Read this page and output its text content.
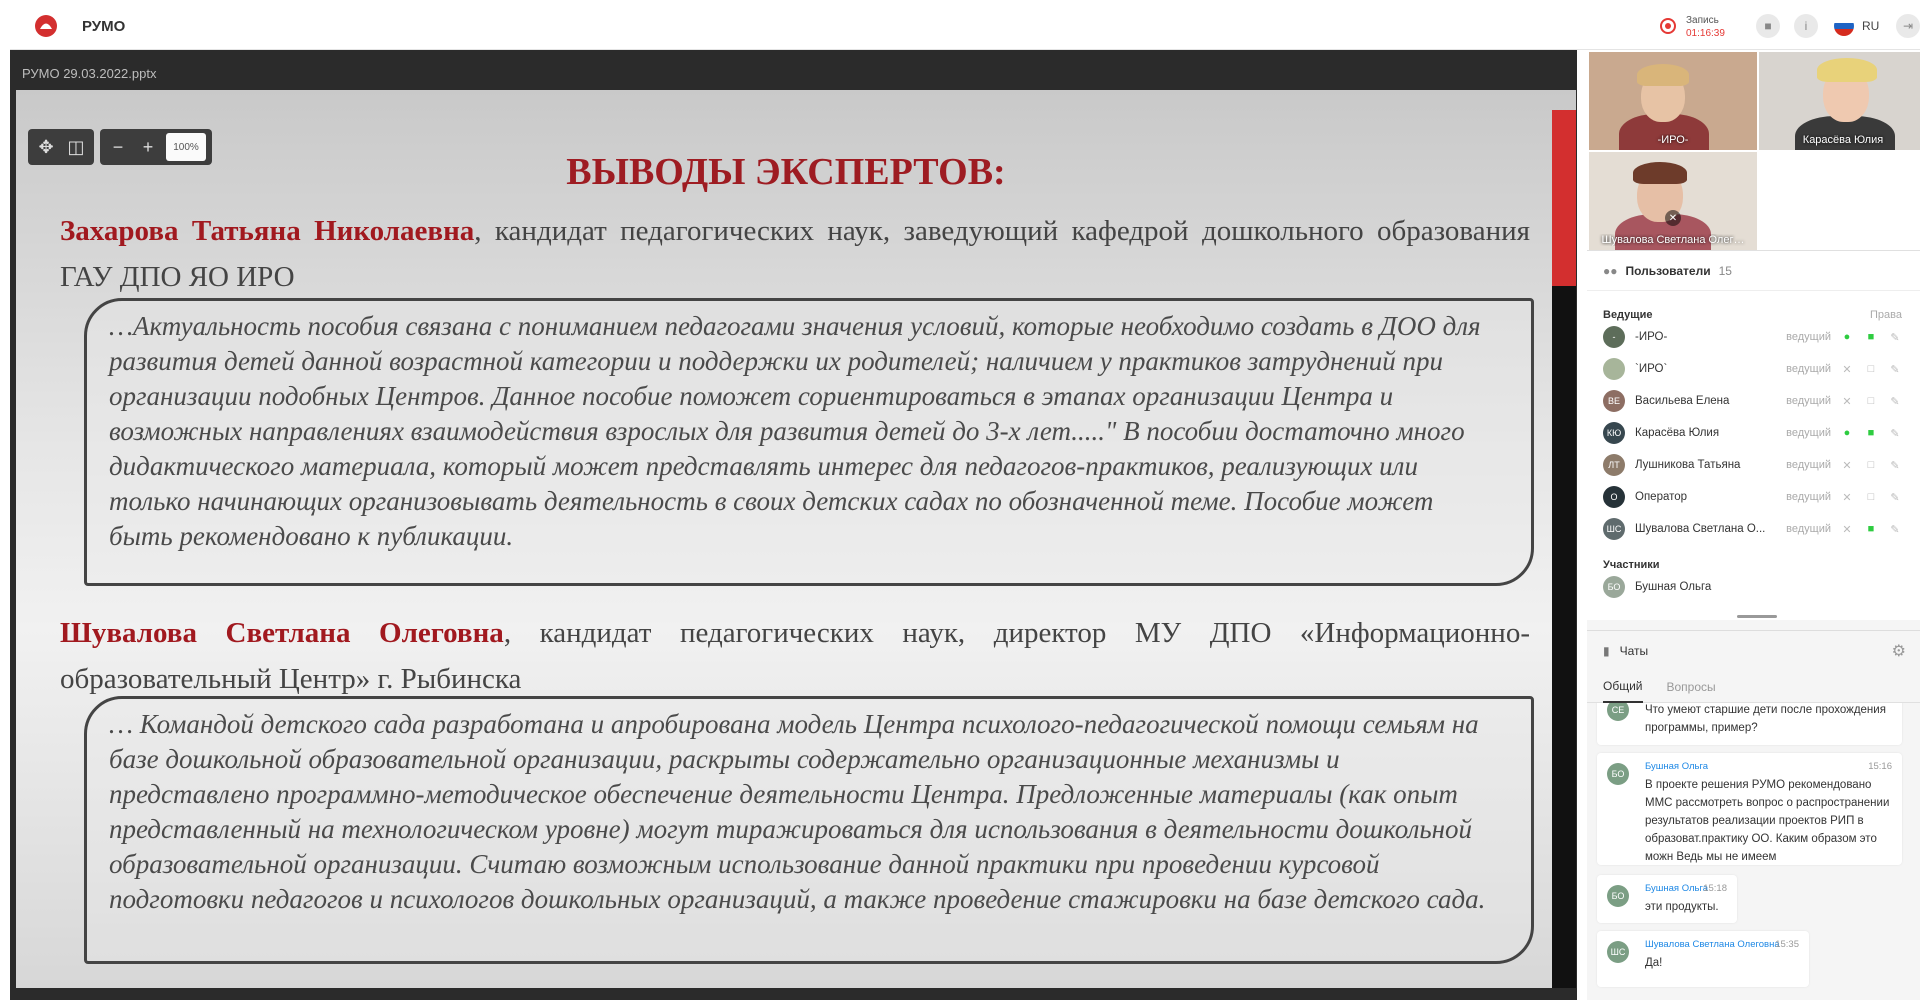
РУМО	Запись
01:16:39
■	i	RU	⇥
РУМО 29.03.2022.pptx
ВЫВОДЫ ЭКСПЕРТОВ:
Захарова Татьяна Николаевна, кандидат педагогических наук, заведующий кафедрой дошкольного образования ГАУ ДПО ЯО ИРО
…Актуальность пособия связана с пониманием педагогами значения условий, которые необходимо создать в ДОО для развития детей данной возрастной категории и поддержки их родителей; наличием у практиков затруднений при организации подобных Центров. Данное пособие поможет сориентироваться в этапах организации Центра и возможных направлениях взаимодействия взрослых для развития детей до 3-х лет....." В пособии достаточно много дидактического материала, который может представлять интерес для педагогов-практиков, реализующих или только начинающих организовывать деятельность в своих детских садах по обозначенной теме. Пособие может быть рекомендовано к публикации.
Шувалова Светлана Олеговна, кандидат педагогических наук, директор МУ ДПО «Информационно-образовательный Центр» г. Рыбинска
… Командой детского сада разработана и апробирована модель Центра психолого-педагогической помощи семьям на базе дошкольной образовательной организации, раскрыты содержательно организационные механизмы и представлено программно-методическое обеспечение деятельности Центра. Предложенные материалы (как опыт представленный на технологическом уровне) могут тиражироваться для использования в деятельности дошкольной образовательной организации. Считаю возможным использование данной практики при проведении курсовой подготовки педагогов и психологов дошкольных организаций, а также проведение стажировки на базе детского сада.
✥ ◫	−	+	100%
-ИРО-	Карасёва Юлия
✕
Шувалова Светлана Олег…
●● Пользователи 15
Ведущие	Права
-	-ИРО-	ведущий	●	■	✎
`ИРО`	ведущий	✕	□	✎
ВЕ	Васильева Елена	ведущий	✕	□	✎
КЮ	Карасёва Юлия	ведущий	●	■	✎
ЛТ	Лушникова Татьяна	ведущий	✕	□	✎
О	Оператор	ведущий	✕	□	✎
ШС	Шувалова Светлана О...	ведущий	✕	■	✎
Участники
БО	Бушная Ольга
▮ Чаты	⚙
Общий Вопросы
СЕ	Что умеют старшие дети после прохождения программы, пример?
БО
Бушная Ольга	15:16
В проекте решения РУМО рекомендовано ММС рассмотреть вопрос о распространении результатов реализации проектов РИП в образоват.практику ОО. Каким образом это можн Ведь мы не имеем
БО
Бушная Ольга
15:18
эти продукты.
ШС
Шувалова Светлана Олеговна
15:35
Да!
